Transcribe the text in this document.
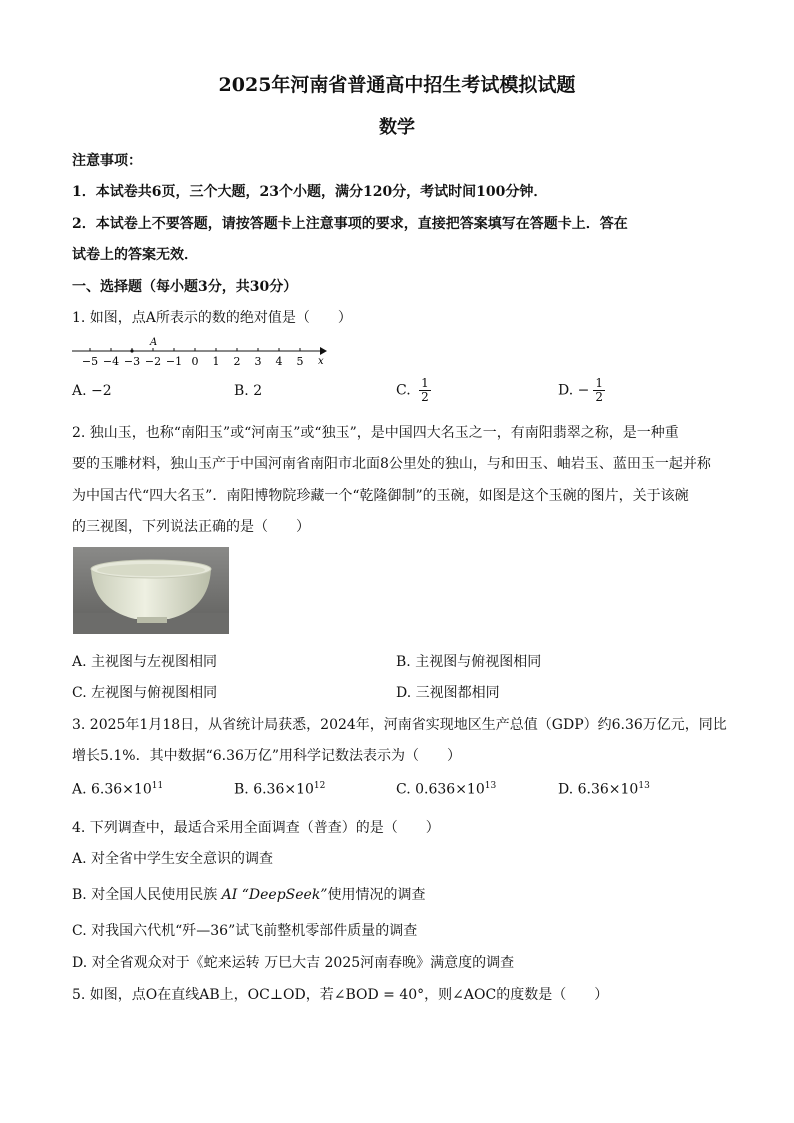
2025年河南省普通高中招生考试模拟试题
数学
注意事项：
1．本试卷共6页，三个大题，23个小题，满分120分，考试时间100分钟．
2．本试卷上不要答题，请按答题卡上注意事项的要求，直接把答案填写在答题卡上．答在
试卷上的答案无效．
一、选择题（每小题3分，共30分）
1. 如图，点A所表示的数的绝对值是（　　）
−5 −4 −3 −2 −1 0 1 2 3 4 5
A
x
A. −2	B. 2	C. $\frac{1}{2}$	D. − $\frac{1}{2}$
2. 独山玉，也称“南阳玉”或“河南玉”或“独玉”，是中国四大名玉之一，有南阳翡翠之称，是一种重
要的玉雕材料，独山玉产于中国河南省南阳市北面8公里处的独山，与和田玉、岫岩玉、蓝田玉一起并称
为中国古代“四大名玉”．南阳博物院珍藏一个“乾隆御制”的玉碗，如图是这个玉碗的图片，关于该碗
的三视图，下列说法正确的是（　　）
A. 主视图与左视图相同	B. 主视图与俯视图相同
C. 左视图与俯视图相同	D. 三视图都相同
3. 2025年1月18日，从省统计局获悉，2024年，河南省实现地区生产总值（GDP）约6.36万亿元，同比
增长5.1%．其中数据“6.36万亿”用科学记数法表示为（　　）
A. $6.36\times 10^{11}$	B. $6.36\times 10^{12}$	C. $0.636\times 10^{13}$	D. $6.36\times 10^{13}$
4. 下列调查中，最适合采用全面调查（普查）的是（　　）
A. 对全省中学生安全意识的调查
B. 对全国人民使用民族 AI “DeepSeek”使用情况的调查
C. 对我国六代机“歼—36”试飞前整机零部件质量的调查
D. 对全省观众对于《蛇来运转 万巳大吉 2025河南春晚》满意度的调查
5. 如图，点O在直线AB上，OC⊥OD，若∠BOD = 40°，则∠AOC的度数是（　　）
